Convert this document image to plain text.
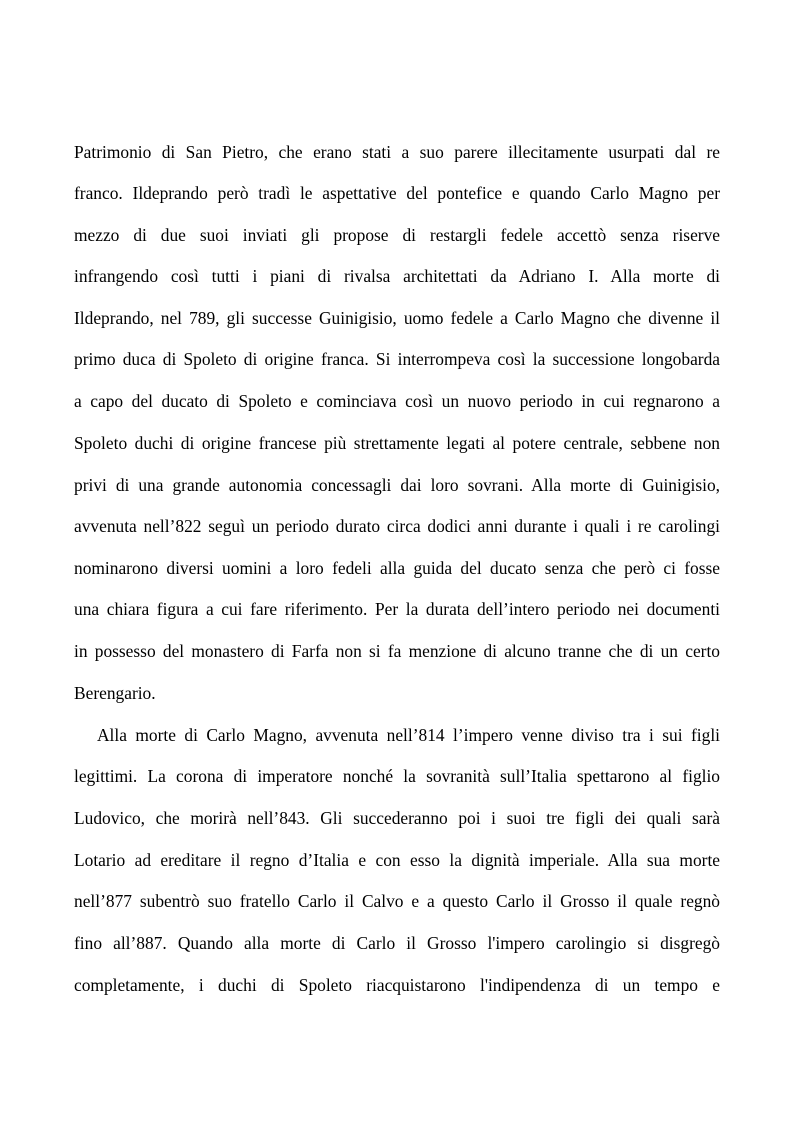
Patrimonio di San Pietro, che erano stati a suo parere illecitamente usurpati dal re
franco. Ildeprando però tradì le aspettative del pontefice e quando Carlo Magno per
mezzo di due suoi inviati gli propose di restargli fedele accettò senza riserve
infrangendo così tutti i piani di rivalsa architettati da Adriano I. Alla morte di
Ildeprando, nel 789, gli successe Guinigisio, uomo fedele a Carlo Magno che divenne il
primo duca di Spoleto di origine franca. Si interrompeva così la successione longobarda
a capo del ducato di Spoleto e cominciava così un nuovo periodo in cui regnarono a
Spoleto duchi di origine francese più strettamente legati al potere centrale, sebbene non
privi di una grande autonomia concessagli dai loro sovrani. Alla morte di Guinigisio,
avvenuta nell’822 seguì un periodo durato circa dodici anni durante i quali i re carolingi
nominarono diversi uomini a loro fedeli alla guida del ducato senza che però ci fosse
una chiara figura a cui fare riferimento. Per la durata dell’intero periodo nei documenti
in possesso del monastero di Farfa non si fa menzione di alcuno tranne che di un certo
Berengario.
Alla morte di Carlo Magno, avvenuta nell’814 l’impero venne diviso tra i sui figli
legittimi. La corona di imperatore nonché la sovranità sull’Italia spettarono al figlio
Ludovico, che morirà nell’843. Gli succederanno poi i suoi tre figli dei quali sarà
Lotario ad ereditare il regno d’Italia e con esso la dignità imperiale. Alla sua morte
nell’877 subentrò suo fratello Carlo il Calvo e a questo Carlo il Grosso il quale regnò
fino all’887. Quando alla morte di Carlo il Grosso l'impero carolingio si disgregò
completamente, i duchi di Spoleto riacquistarono l'indipendenza di un tempo e
